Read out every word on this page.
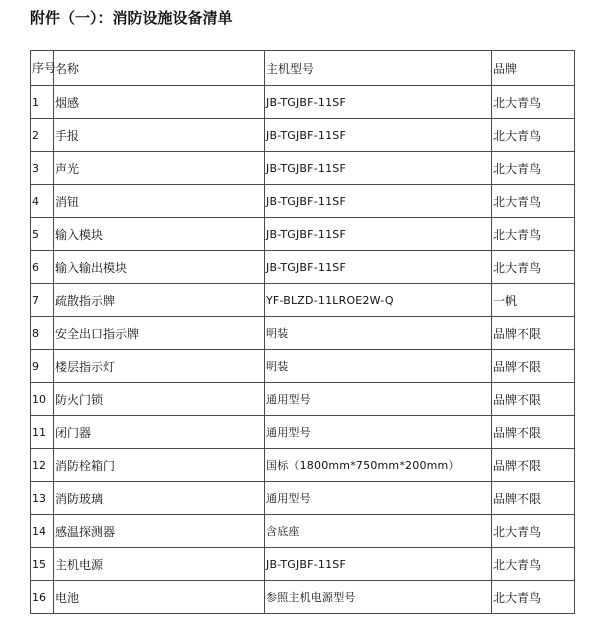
附件（一）：消防设施设备清单
序号	名称	主机型号	品牌
1	烟感	JB-TGJBF-11SF	北大青鸟
2	手报	JB-TGJBF-11SF	北大青鸟
3	声光	JB-TGJBF-11SF	北大青鸟
4	消钮	JB-TGJBF-11SF	北大青鸟
5	输入模块	JB-TGJBF-11SF	北大青鸟
6	输入输出模块	JB-TGJBF-11SF	北大青鸟
7	疏散指示牌	YF-BLZD-11LROE2W-Q	一帆
8	安全出口指示牌	明装	品牌不限
9	楼层指示灯	明装	品牌不限
10	防火门锁	通用型号	品牌不限
11	闭门器	通用型号	品牌不限
12	消防栓箱门	国标（1800mm*750mm*200mm）	品牌不限
13	消防玻璃	通用型号	品牌不限
14	感温探测器	含底座	北大青鸟
15	主机电源	JB-TGJBF-11SF	北大青鸟
16	电池	参照主机电源型号	北大青鸟
